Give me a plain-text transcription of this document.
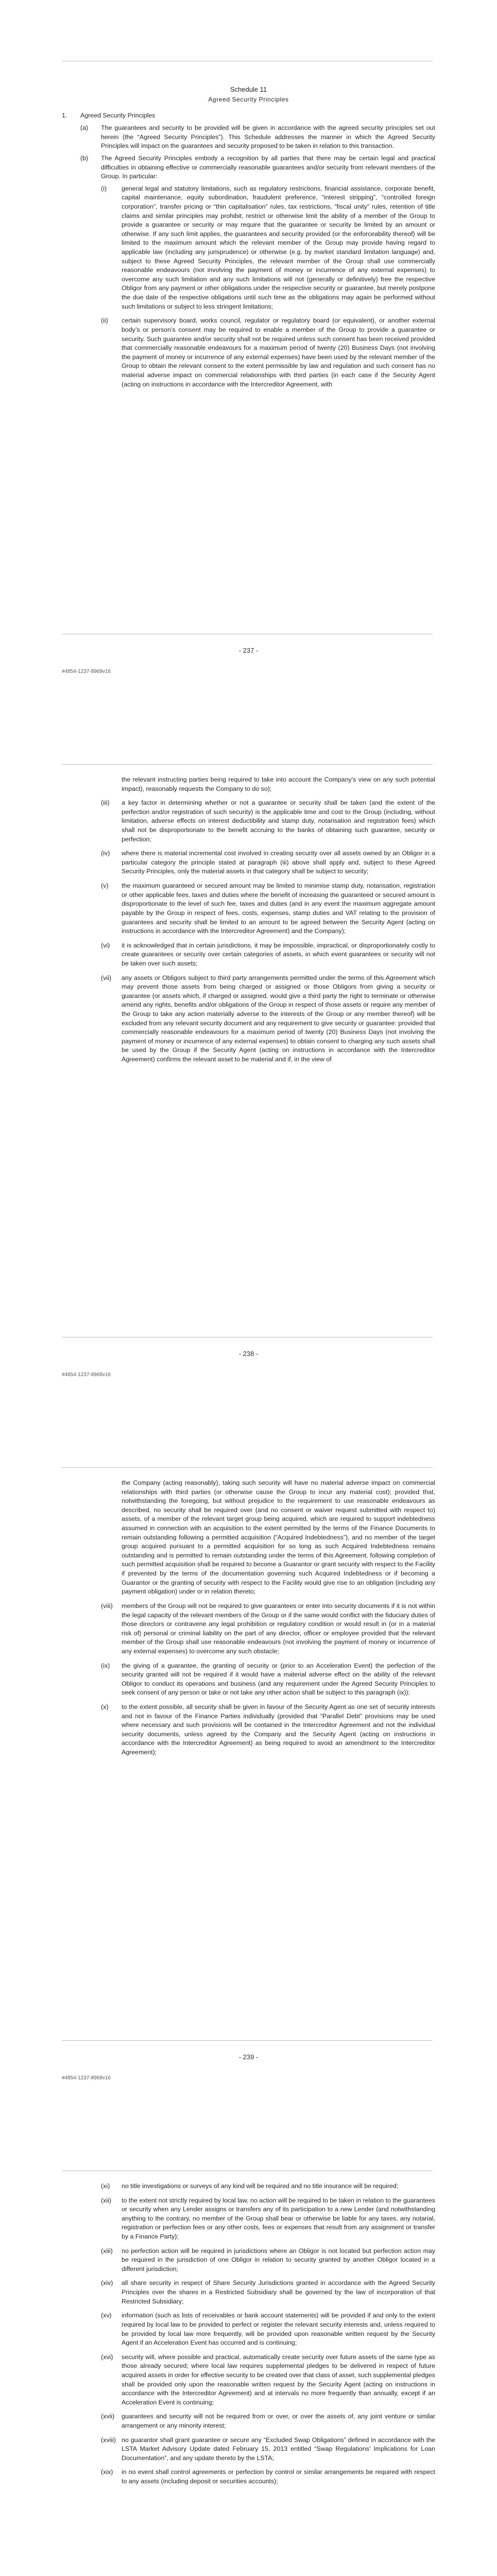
Schedule 11
Agreed Security Principles
1.	Agreed Security Principles
(a)	The guarantees and security to be provided will be given in accordance with the agreed security principles set out herein (the “Agreed Security Principles”). This Schedule addresses the manner in which the Agreed Security Principles will impact on the guarantees and security proposed to be taken in relation to this transaction.
(b)	The Agreed Security Principles embody a recognition by all parties that there may be certain legal and practical difficulties in obtaining effective or commercially reasonable guarantees and/or security from relevant members of the Group. In particular:
(i)	general legal and statutory limitations, such as regulatory restrictions, financial assistance, corporate benefit, capital maintenance, equity subordination, fraudulent preference, “interest stripping”, “controlled foreign corporation”, transfer pricing or “thin capitalisation” rules, tax restrictions, “fiscal unity” rules, retention of title claims and similar principles may prohibit, restrict or otherwise limit the ability of a member of the Group to provide a guarantee or security or may require that the guarantee or security be limited by an amount or otherwise. If any such limit applies, the guarantees and security provided (or the enforceability thereof) will be limited to the maximum amount which the relevant member of the Group may provide having regard to applicable law (including any jurisprudence) or otherwise (e.g. by market standard limitation language) and, subject to these Agreed Security Principles, the relevant member of the Group shall use commercially reasonable endeavours (not involving the payment of money or incurrence of any external expenses) to overcome any such limitation and any such limitations will not (generally or definitively) free the respective Obligor from any payment or other obligations under the respective security or guarantee, but merely postpone the due date of the respective obligations until such time as the obligations may again be performed without such limitations or subject to less stringent limitations;
(ii)	certain supervisory board, works council, regulator or regulatory board (or equivalent), or another external body’s or person’s consent may be required to enable a member of the Group to provide a guarantee or security. Such guarantee and/or security shall not be required unless such consent has been received provided that commercially reasonable endeavours for a maximum period of twenty (20) Business Days (not involving the payment of money or incurrence of any external expenses) have been used by the relevant member of the Group to obtain the relevant consent to the extent permissible by law and regulation and such consent has no material adverse impact on commercial relationships with third parties (in each case if the Security Agent (acting on instructions in accordance with the Intercreditor Agreement, with
- 237 -
#4854-1237-8969v16
the relevant instructing parties being required to take into account the Company’s view on any such potential impact), reasonably requests the Company to do so);
(iii)	a key factor in determining whether or not a guarantee or security shall be taken (and the extent of the perfection and/or registration of such security) is the applicable time and cost to the Group (including, without limitation, adverse effects on interest deductibility and stamp duty, notarisation and registration fees) which shall not be disproportionate to the benefit accruing to the banks of obtaining such guarantee, security or perfection;
(iv)	where there is material incremental cost involved in creating security over all assets owned by an Obligor in a particular category the principle stated at paragraph (iii) above shall apply and, subject to these Agreed Security Principles, only the material assets in that category shall be subject to security;
(v)	the maximum guaranteed or secured amount may be limited to minimise stamp duty, notarisation, registration or other applicable fees, taxes and duties where the benefit of increasing the guaranteed or secured amount is disproportionate to the level of such fee, taxes and duties (and in any event the maximum aggregate amount payable by the Group in respect of fees, costs, expenses, stamp duties and VAT relating to the provision of guarantees and security shall be limited to an amount to be agreed between the Security Agent (acting on instructions in accordance with the Intercreditor Agreement) and the Company);
(vi)	it is acknowledged that in certain jurisdictions, it may be impossible, impractical, or disproportionately costly to create guarantees or security over certain categories of assets, in which event guarantees or security will not be taken over such assets;
(vii)	any assets or Obligors subject to third party arrangements permitted under the terms of this Agreement which may prevent those assets from being charged or assigned or those Obligors from giving a security or guarantee (or assets which, if charged or assigned, would give a third party the right to terminate or otherwise amend any rights, benefits and/or obligations of the Group in respect of those assets or require any member of the Group to take any action materially adverse to the interests of the Group or any member thereof) will be excluded from any relevant security document and any requirement to give security or guarantee: provided that commercially reasonable endeavours for a maximum period of twenty (20) Business Days (not involving the payment of money or incurrence of any external expenses) to obtain consent to charging any such assets shall be used by the Group if the Security Agent (acting on instructions in accordance with the Intercreditor Agreement) confirms the relevant asset to be material and if, in the view of
- 238 -
#4854-1237-8969v16
the Company (acting reasonably), taking such security will have no material adverse impact on commercial relationships with third parties (or otherwise cause the Group to incur any material cost); provided that, notwithstanding the foregoing, but without prejudice to the requirement to use reasonable endeavours as described, no security shall be required over (and no consent or waiver request submitted with respect to) assets, of a member of the relevant target group being acquired, which are required to support indebtedness assumed in connection with an acquisition to the extent permitted by the terms of the Finance Documents to remain outstanding following a permitted acquisition (“Acquired Indebtedness”), and no member of the target group acquired pursuant to a permitted acquisition for so long as such Acquired Indebtedness remains outstanding and is permitted to remain outstanding under the terms of this Agreement, following completion of such permitted acquisition shall be required to become a Guarantor or grant security with respect to the Facility if prevented by the terms of the documentation governing such Acquired Indebtedness or if becoming a Guarantor or the granting of security with respect to the Facility would give rise to an obligation (including any payment obligation) under or in relation thereto;
(viii)	members of the Group will not be required to give guarantees or enter into security documents if it is not within the legal capacity of the relevant members of the Group or if the same would conflict with the fiduciary duties of those directors or contravene any legal prohibition or regulatory condition or would result in (or in a material risk of) personal or criminal liability on the part of any director, officer or employee provided that the relevant member of the Group shall use reasonable endeavours (not involving the payment of money or incurrence of any external expenses) to overcome any such obstacle;
(ix)	the giving of a guarantee, the granting of security or (prior to an Acceleration Event) the perfection of the security granted will not be required if it would have a material adverse effect on the ability of the relevant Obligor to conduct its operations and business (and any requirement under the Agreed Security Principles to seek consent of any person or take or not take any other action shall be subject to this paragraph (ix));
(x)	to the extent possible, all security shall be given in favour of the Security Agent as one set of security interests and not in favour of the Finance Parties individually (provided that “Parallel Debt” provisions may be used where necessary and such provisions will be contained in the Intercreditor Agreement and not the individual security documents, unless agreed by the Company and the Security Agent (acting on instructions in accordance with the Intercreditor Agreement) as being required to avoid an amendment to the Intercreditor Agreement);
- 239 -
#4854-1237-8969v16
(xi)	no title investigations or surveys of any kind will be required and no title insurance will be required;
(xii)	to the extent not strictly required by local law, no action will be required to be taken in relation to the guarantees or security when any Lender assigns or transfers any of its participation to a new Lender (and notwithstanding anything to the contrary, no member of the Group shall bear or otherwise be liable for any taxes, any notarial, registration or perfection fees or any other costs, fees or expenses that result from any assignment or transfer by a Finance Party);
(xiii)	no perfection action will be required in jurisdictions where an Obligor is not located but perfection action may be required in the jurisdiction of one Obligor in relation to security granted by another Obligor located in a different jurisdiction;
(xiv)	all share security in respect of Share Security Jurisdictions granted in accordance with the Agreed Security Principles over the shares in a Restricted Subsidiary shall be governed by the law of incorporation of that Restricted Subsidiary;
(xv)	information (such as lists of receivables or bank account statements) will be provided if and only to the extent required by local law to be provided to perfect or register the relevant security interests and, unless required to be provided by local law more frequently, will be provided upon reasonable written request by the Security Agent if an Acceleration Event has occurred and is continuing;
(xvi)	security will, where possible and practical, automatically create security over future assets of the same type as those already secured; where local law requires supplemental pledges to be delivered in respect of future acquired assets in order for effective security to be created over that class of asset, such supplemental pledges shall be provided only upon the reasonable written request by the Security Agent (acting on instructions in accordance with the Intercreditor Agreement) and at intervals no more frequently than annually, except if an Acceleration Event is continuing;
(xvii)	guarantees and security will not be required from or over, or over the assets of, any joint venture or similar arrangement or any minority interest;
(xviii) no guarantor shall grant guarantee or secure any “Excluded Swap Obligations” defined in accordance with the LSTA Market Advisory Update dated February 15, 2013 entitled “Swap Regulations’ Implications for Loan Documentation”, and any update thereto by the LSTA;
(xix)	in no event shall control agreements or perfection by control or similar arrangements be required with respect to any assets (including deposit or securities accounts);
